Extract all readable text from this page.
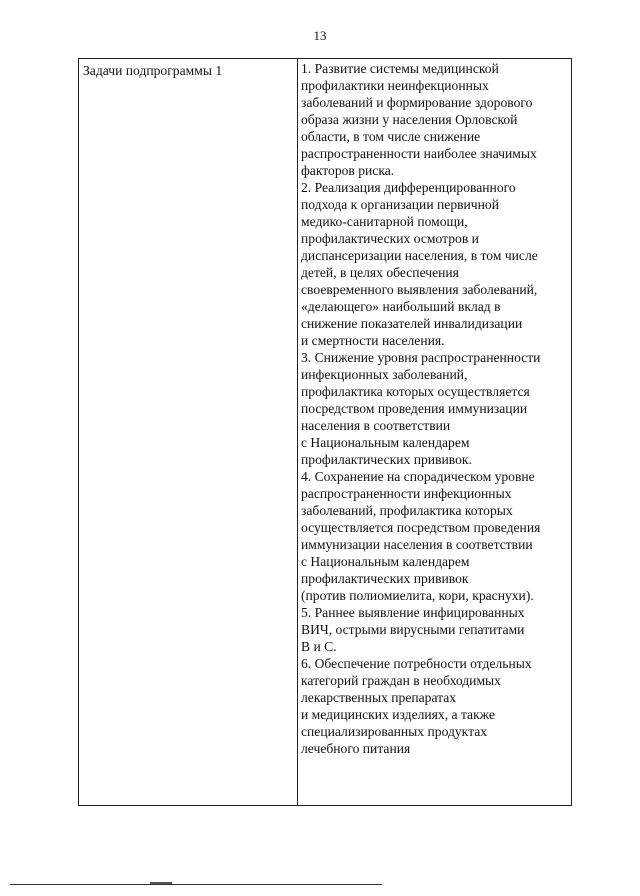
13
Задачи подпрограммы 1	1. Развитие системы медицинской
профилактики неинфекционных
заболеваний и формирование здорового
образа жизни у населения Орловской
области, в том числе снижение
распространенности наиболее значимых
факторов риска.
2. Реализация дифференцированного
подхода к организации первичной
медико-санитарной помощи,
профилактических осмотров и
диспансеризации населения, в том числе
детей, в целях обеспечения
своевременного выявления заболеваний,
«делающего» наибольший вклад в
снижение показателей инвалидизации
и смертности населения.
3. Снижение уровня распространенности
инфекционных заболеваний,
профилактика которых осуществляется
посредством проведения иммунизации
населения в соответствии
с Национальным календарем
профилактических прививок.
4. Сохранение на спорадическом уровне
распространенности инфекционных
заболеваний, профилактика которых
осуществляется посредством проведения
иммунизации населения в соответствии
с Национальным календарем
профилактических прививок
(против полиомиелита, кори, краснухи).
5. Раннее выявление инфицированных
ВИЧ, острыми вирусными гепатитами
В и С.
6. Обеспечение потребности отдельных
категорий граждан в необходимых
лекарственных препаратах
и медицинских изделиях, а также
специализированных продуктах
лечебного питания
